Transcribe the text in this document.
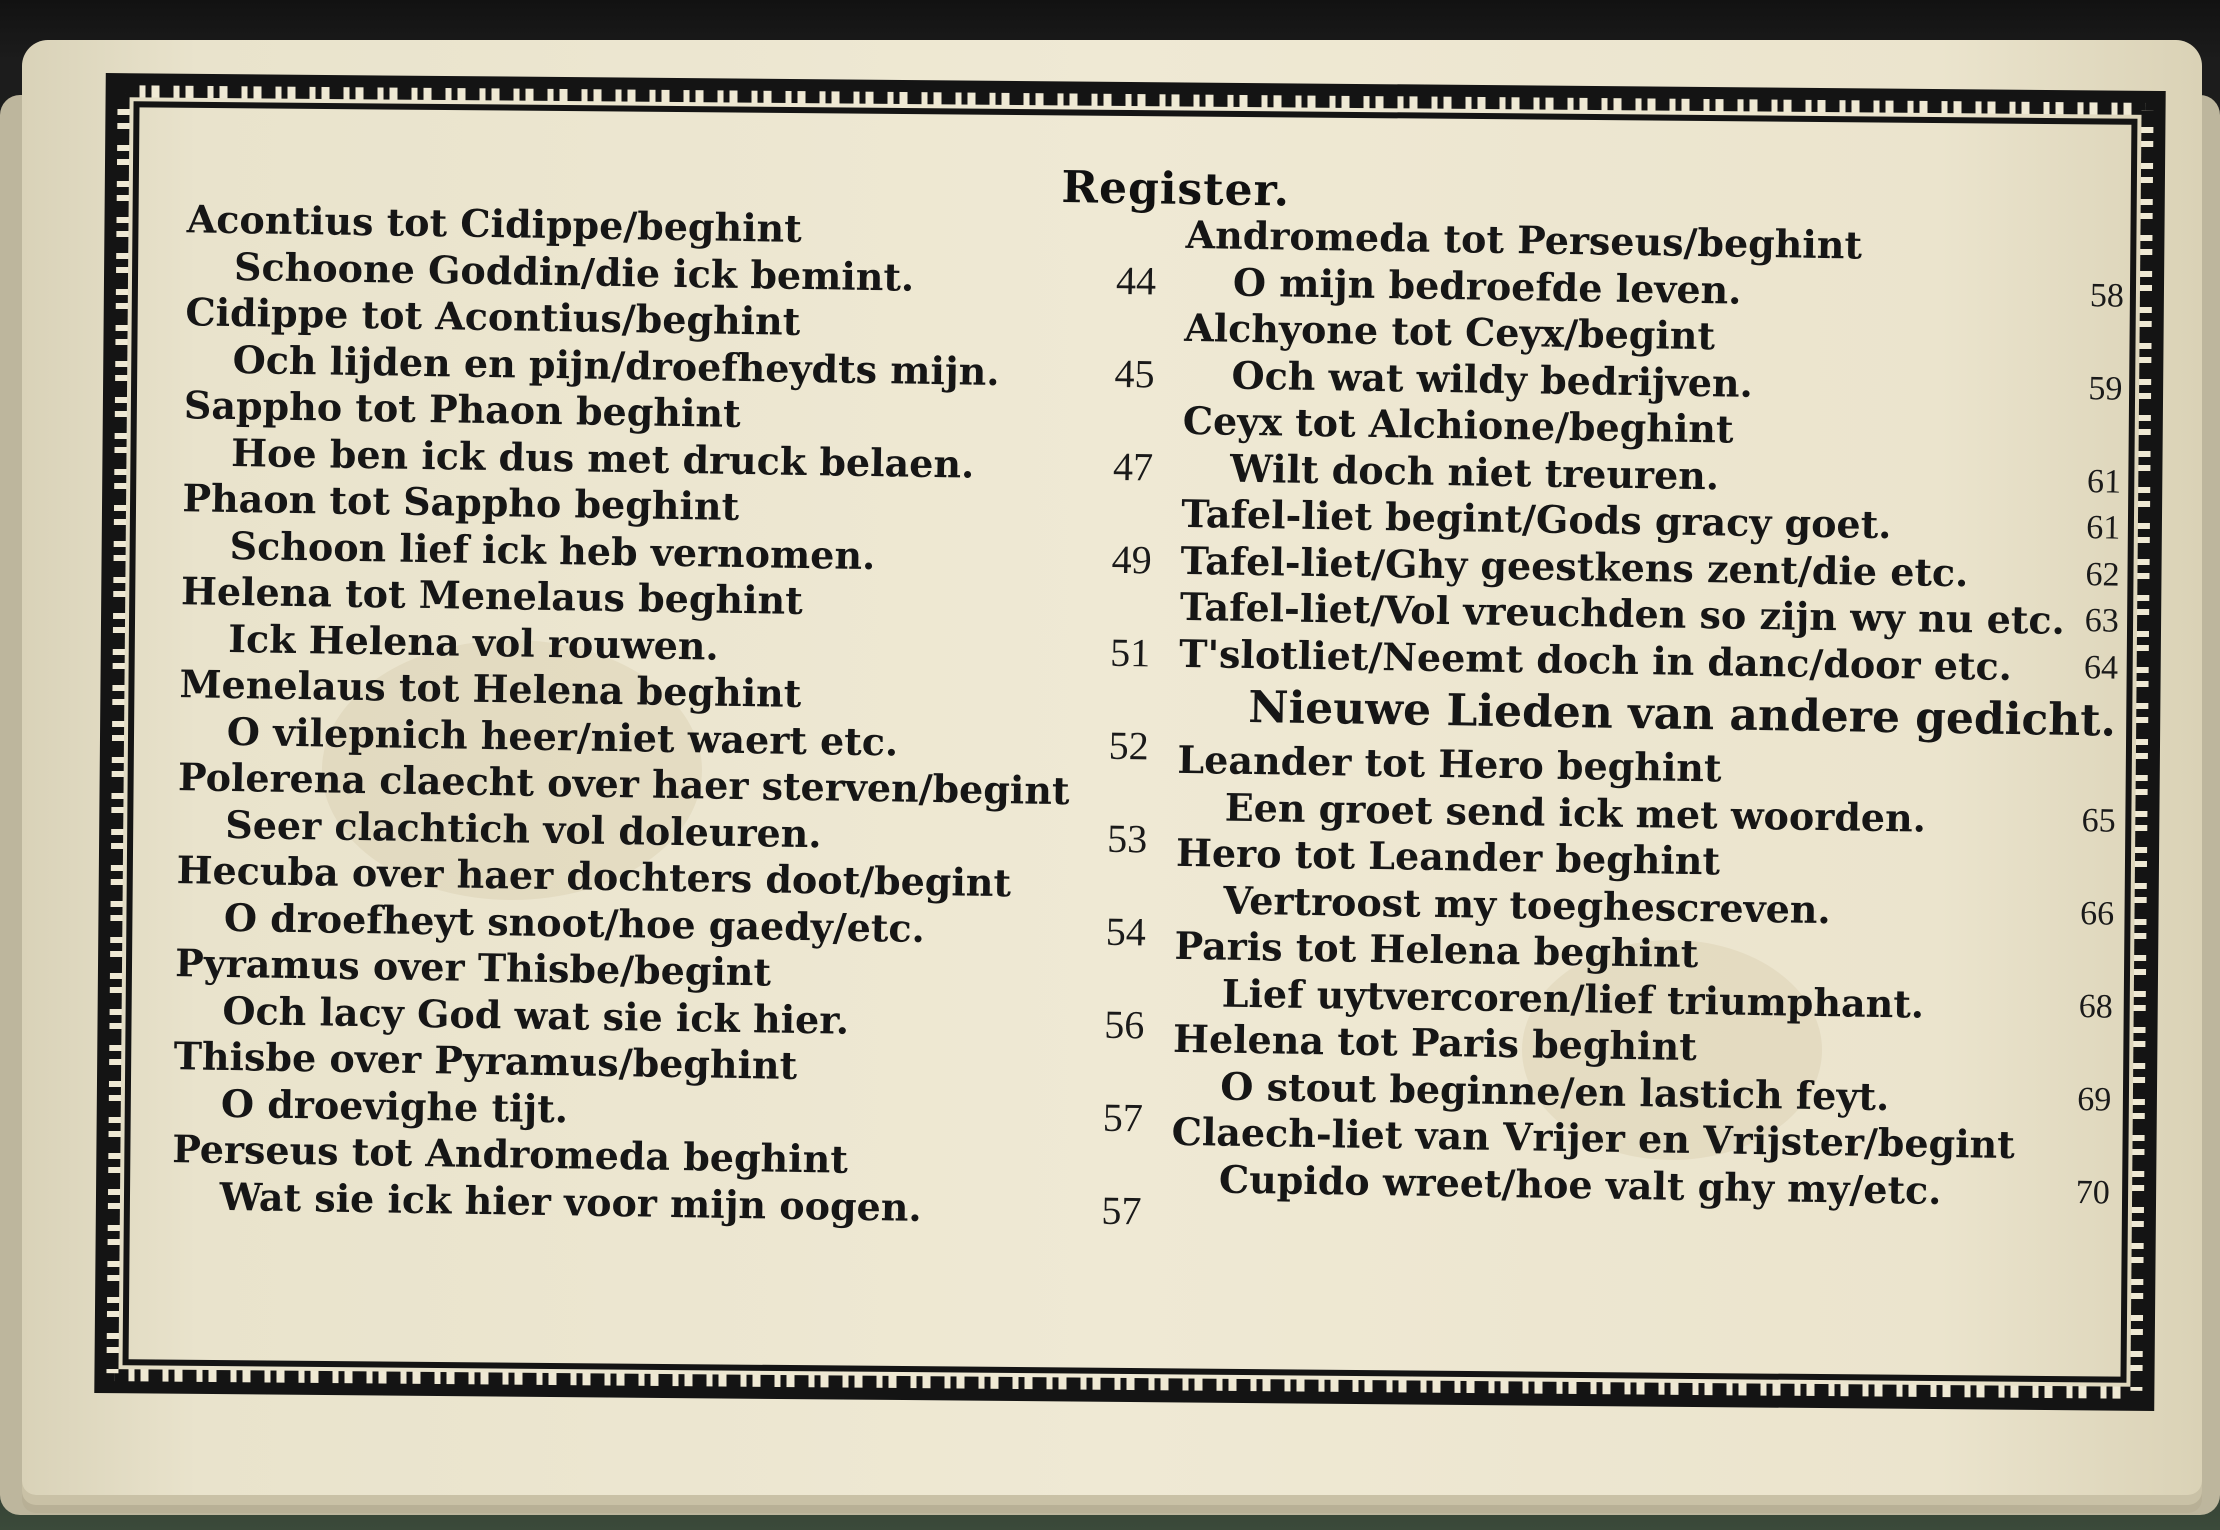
Register.
Acontius tot Cidippe/beghint
Schoone Goddin/die ick bemint.	44
Cidippe tot Acontius/beghint
Och lijden en pijn/droefheydts mijn.	45
Sappho tot Phaon beghint
Hoe ben ick dus met druck belaen.	47
Phaon tot Sappho beghint
Schoon lief ick heb vernomen.	49
Helena tot Menelaus beghint
Ick Helena vol rouwen.	51
Menelaus tot Helena beghint
O vilepnich heer/niet waert etc.	52
Polerena claecht over haer sterven/begint
Seer clachtich vol doleuren.	53
Hecuba over haer dochters doot/begint
O droefheyt snoot/hoe gaedy/etc.	54
Pyramus over Thisbe/begint
Och lacy God wat sie ick hier.	56
Thisbe over Pyramus/beghint
O droevighe tijt.	57
Perseus tot Andromeda beghint
Wat sie ick hier voor mijn oogen.	57
Andromeda tot Perseus/beghint
O mijn bedroefde leven.	58
Alchyone tot Ceyx/begint
Och wat wildy bedrijven.	59
Ceyx tot Alchione/beghint
Wilt doch niet treuren.	61
Tafel-liet begint/Gods gracy goet.	61
Tafel-liet/Ghy geestkens zent/die etc.	62
Tafel-liet/Vol vreuchden so zijn wy nu etc. 63
T'slotliet/Neemt doch in danc/door etc. 64
Nieuwe Lieden van andere gedicht.
Leander tot Hero beghint
Een groet send ick met woorden.	65
Hero tot Leander beghint
Vertroost my toeghescreven.	66
Paris tot Helena beghint
Lief uytvercoren/lief triumphant.	68
Helena tot Paris beghint
O stout beginne/en lastich feyt.	69
Claech-liet van Vrijer en Vrijster/begint
Cupido wreet/hoe valt ghy my/etc.	70
